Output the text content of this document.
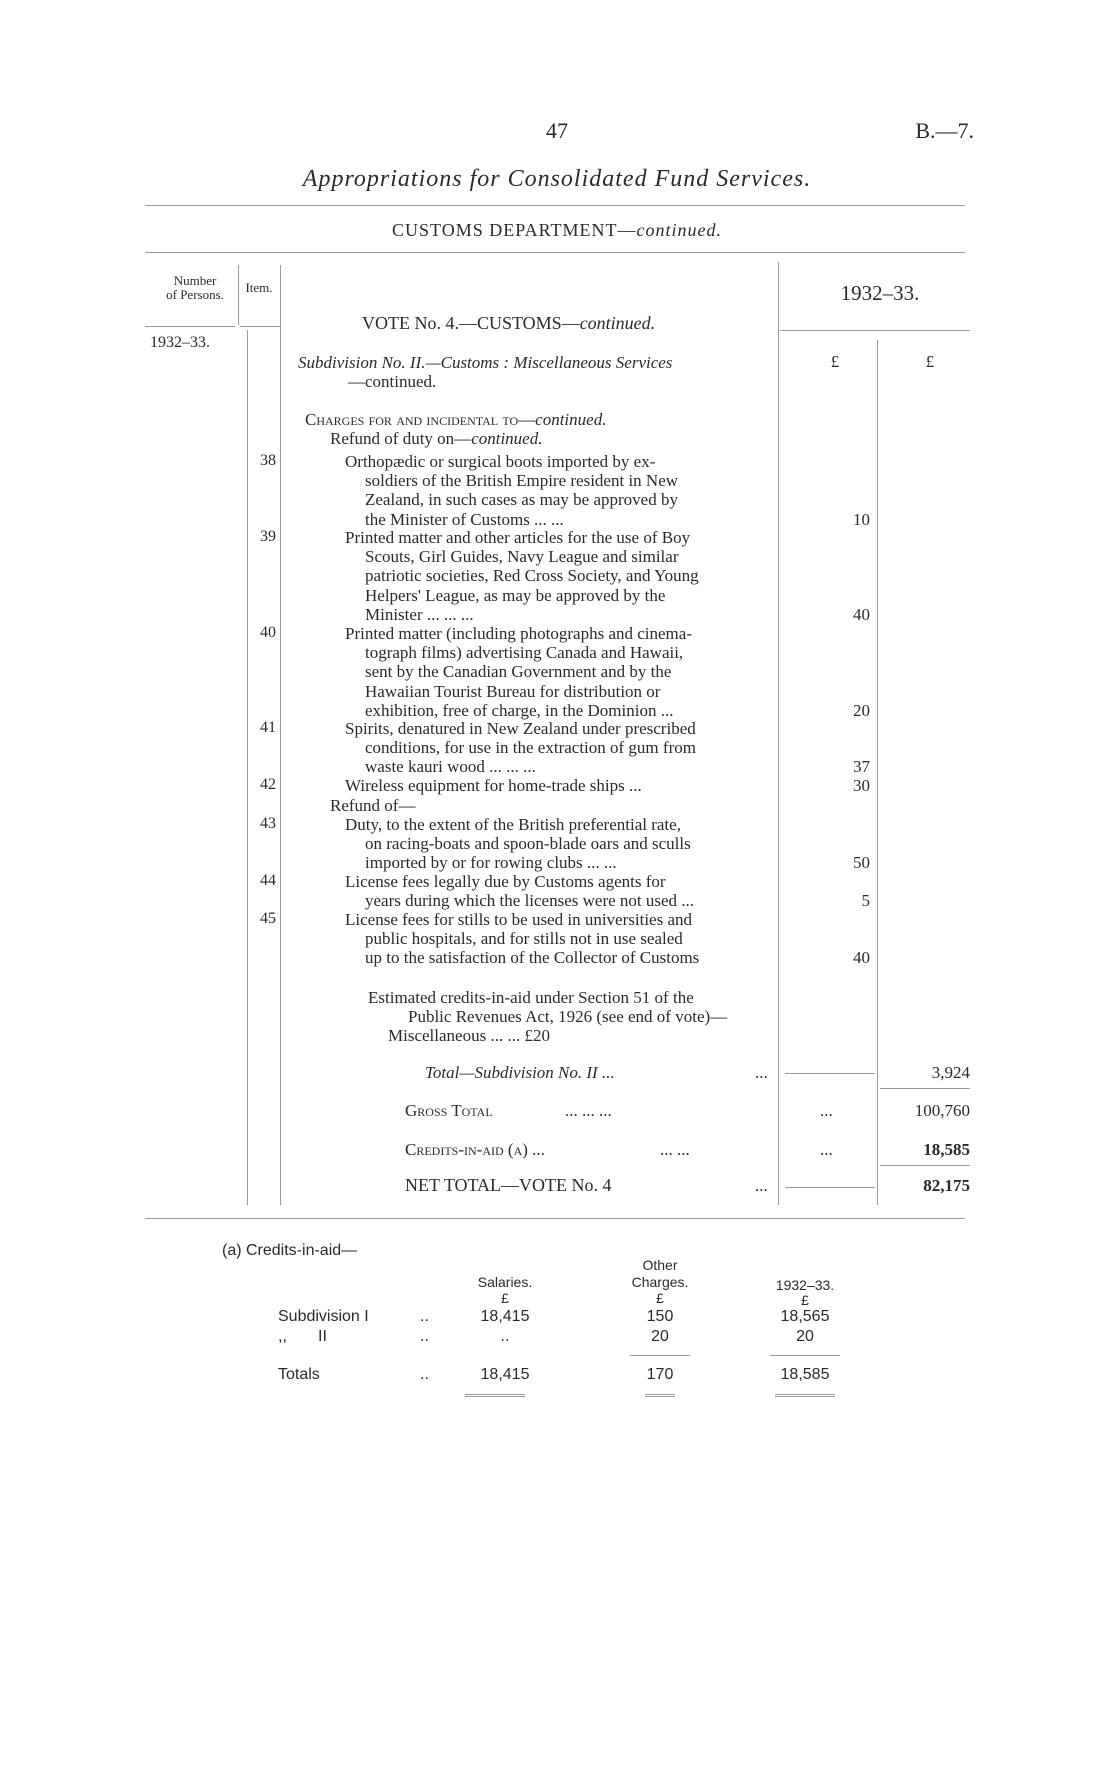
47	B.—7.
Appropriations for Consolidated Fund Services.
CUSTOMS DEPARTMENT—continued.
Number
of Persons.	Item.	1932–33.
1932–33.
£	£
VOTE No. 4.—CUSTOMS—continued.
Subdivision No. II.—Customs : Miscellaneous Services
—continued.
Charges for and incidental to—continued.
Refund of duty on—continued.
38	Orthopædic or surgical boots imported by ex-
soldiers of the British Empire resident in New
Zealand, in such cases as may be approved by
the Minister of Customs ... ...	10
39	Printed matter and other articles for the use of Boy
Scouts, Girl Guides, Navy League and similar
patriotic societies, Red Cross Society, and Young
Helpers' League, as may be approved by the
Minister ... ... ...	40
40	Printed matter (including photographs and cinema-
tograph films) advertising Canada and Hawaii,
sent by the Canadian Government and by the
Hawaiian Tourist Bureau for distribution or
exhibition, free of charge, in the Dominion ...	20
41	Spirits, denatured in New Zealand under prescribed
conditions, for use in the extraction of gum from
waste kauri wood ... ... ...	37
42	Wireless equipment for home-trade ships ...	30
43	Duty, to the extent of the British preferential rate,
on racing-boats and spoon-blade oars and sculls
imported by or for rowing clubs ... ...	50
44	License fees legally due by Customs agents for
years during which the licenses were not used ...	5
45	License fees for stills to be used in universities and
public hospitals, and for stills not in use sealed
up to the satisfaction of the Collector of Customs	40
Refund of—
Estimated credits-in-aid under Section 51 of the
Public Revenues Act, 1926 (see end of vote)—
Miscellaneous ... ... £20
Total—Subdivision No. II ...	...	3,924
Gross Total	... ... ...	...	100,760
Credits-in-aid (a) ...	... ...	...	18,585
NET TOTAL—VOTE No. 4	...	82,175
(a) Credits-in-aid—
Other
Salaries.	Charges.	1932–33.
£	£	£
Subdivision I	..	18,415	150	18,565
,,       II	..	..	20	20
Totals	..	18,415	170	18,585
